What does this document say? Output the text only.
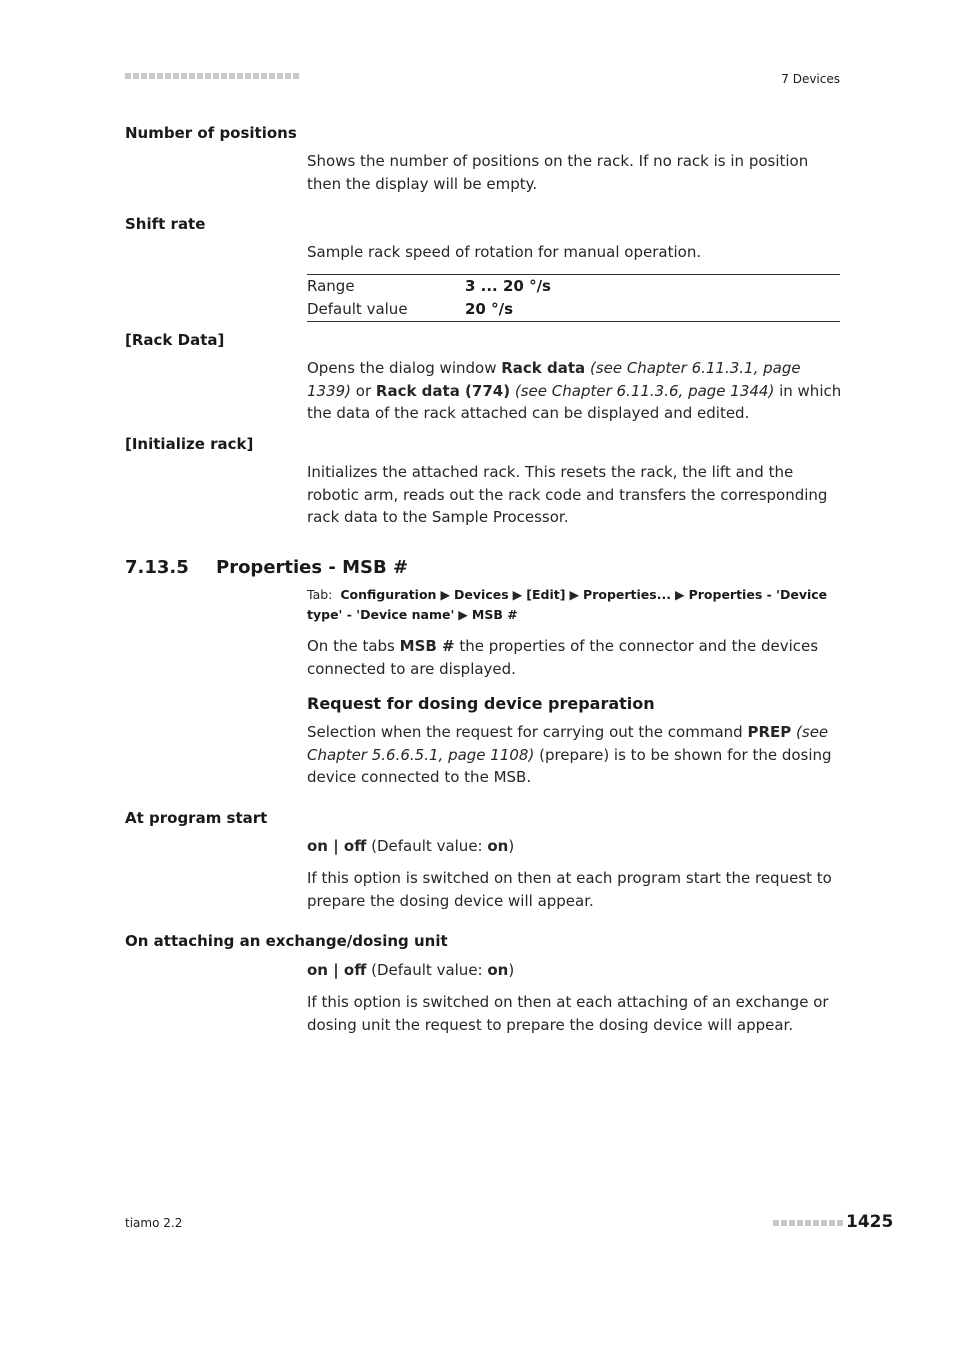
7 Devices
Number of positions
Shows the number of positions on the rack. If no rack is in position then the display will be empty.
Shift rate
Sample rack speed of rotation for manual operation.
Range	3 ... 20 °/s
Default value	20 °/s
[Rack Data]
Opens the dialog window Rack data (see Chapter 6.11.3.1, page 1339) or Rack data (774) (see Chapter 6.11.3.6, page 1344) in which the data of the rack attached can be displayed and edited.
[Initialize rack]
Initializes the attached rack. This resets the rack, the lift and the robotic arm, reads out the rack code and transfers the corresponding rack data to the Sample Processor.
7.13.5 Properties - MSB #
Tab: Configuration ▶ Devices ▶ [Edit] ▶ Properties... ▶ Properties - 'Device type' - 'Device name' ▶ MSB #
On the tabs MSB # the properties of the connector and the devices connected to are displayed.
Request for dosing device preparation
Selection when the request for carrying out the command PREP (see Chapter 5.6.6.5.1, page 1108) (prepare) is to be shown for the dosing device connected to the MSB.
At program start
on | off (Default value: on)
If this option is switched on then at each program start the request to prepare the dosing device will appear.
On attaching an exchange/dosing unit
on | off (Default value: on)
If this option is switched on then at each attaching of an exchange or dosing unit the request to prepare the dosing device will appear.
tiamo 2.2	1425
